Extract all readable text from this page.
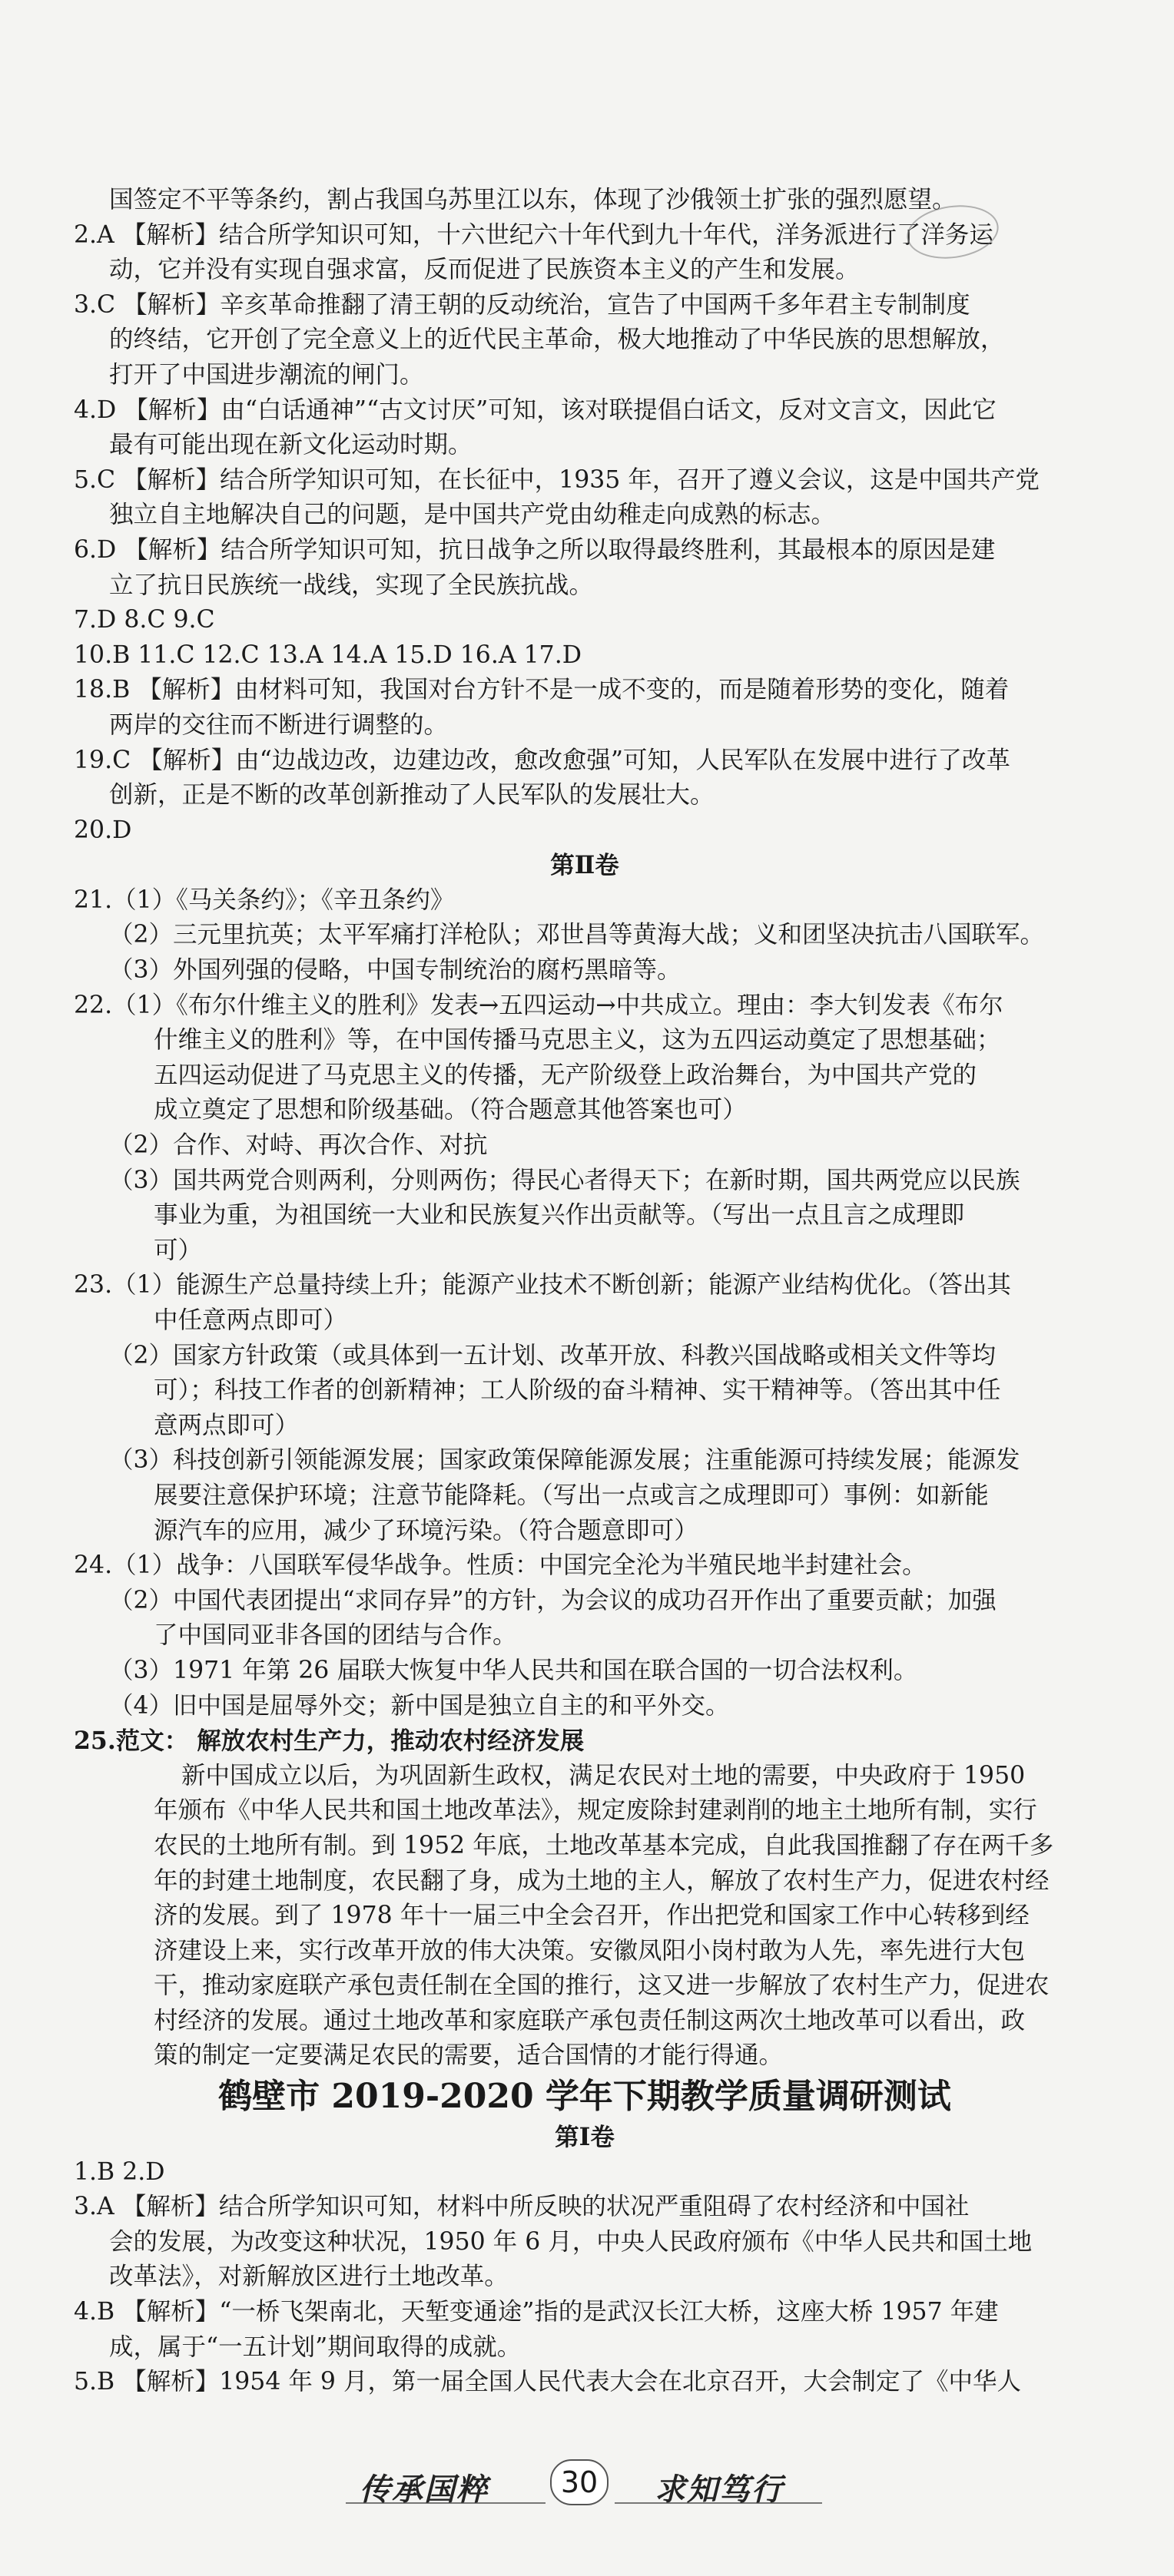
国签定不平等条约，割占我国乌苏里江以东，体现了沙俄领土扩张的强烈愿望。
2.A 【解析】结合所学知识可知，十六世纪六十年代到九十年代，洋务派进行了洋务运
动，它并没有实现自强求富，反而促进了民族资本主义的产生和发展。
3.C 【解析】辛亥革命推翻了清王朝的反动统治，宣告了中国两千多年君主专制制度
的终结，它开创了完全意义上的近代民主革命，极大地推动了中华民族的思想解放，
打开了中国进步潮流的闸门。
4.D 【解析】由“白话通神”“古文讨厌”可知，该对联提倡白话文，反对文言文，因此它
最有可能出现在新文化运动时期。
5.C 【解析】结合所学知识可知，在长征中，1935 年，召开了遵义会议，这是中国共产党
独立自主地解决自己的问题，是中国共产党由幼稚走向成熟的标志。
6.D 【解析】结合所学知识可知，抗日战争之所以取得最终胜利，其最根本的原因是建
立了抗日民族统一战线，实现了全民族抗战。
7.D 8.C 9.C
10.B 11.C 12.C 13.A 14.A 15.D 16.A 17.D
18.B 【解析】由材料可知，我国对台方针不是一成不变的，而是随着形势的变化，随着
两岸的交往而不断进行调整的。
19.C 【解析】由“边战边改，边建边改，愈改愈强”可知，人民军队在发展中进行了改革
创新，正是不断的改革创新推动了人民军队的发展壮大。
20.D
第Ⅱ卷
21.（1）《马关条约》；《辛丑条约》
（2）三元里抗英；太平军痛打洋枪队；邓世昌等黄海大战；义和团坚决抗击八国联军。
（3）外国列强的侵略，中国专制统治的腐朽黑暗等。
22.（1）《布尔什维主义的胜利》发表→五四运动→中共成立。理由：李大钊发表《布尔
什维主义的胜利》等，在中国传播马克思主义，这为五四运动奠定了思想基础；
五四运动促进了马克思主义的传播，无产阶级登上政治舞台，为中国共产党的
成立奠定了思想和阶级基础。（符合题意其他答案也可）
（2）合作、对峙、再次合作、对抗
（3）国共两党合则两利，分则两伤；得民心者得天下；在新时期，国共两党应以民族
事业为重，为祖国统一大业和民族复兴作出贡献等。（写出一点且言之成理即
可）
23.（1）能源生产总量持续上升；能源产业技术不断创新；能源产业结构优化。（答出其
中任意两点即可）
（2）国家方针政策（或具体到一五计划、改革开放、科教兴国战略或相关文件等均
可）；科技工作者的创新精神；工人阶级的奋斗精神、实干精神等。（答出其中任
意两点即可）
（3）科技创新引领能源发展；国家政策保障能源发展；注重能源可持续发展；能源发
展要注意保护环境；注意节能降耗。（写出一点或言之成理即可）事例：如新能
源汽车的应用，减少了环境污染。（符合题意即可）
24.（1）战争：八国联军侵华战争。性质：中国完全沦为半殖民地半封建社会。
（2）中国代表团提出“求同存异”的方针，为会议的成功召开作出了重要贡献；加强
了中国同亚非各国的团结与合作。
（3）1971 年第 26 届联大恢复中华人民共和国在联合国的一切合法权利。
（4）旧中国是屈辱外交；新中国是独立自主的和平外交。
25.范文： 解放农村生产力，推动农村经济发展
新中国成立以后，为巩固新生政权，满足农民对土地的需要，中央政府于 1950
年颁布《中华人民共和国土地改革法》，规定废除封建剥削的地主土地所有制，实行
农民的土地所有制。到 1952 年底，土地改革基本完成，自此我国推翻了存在两千多
年的封建土地制度，农民翻了身，成为土地的主人，解放了农村生产力，促进农村经
济的发展。到了 1978 年十一届三中全会召开，作出把党和国家工作中心转移到经
济建设上来，实行改革开放的伟大决策。安徽凤阳小岗村敢为人先，率先进行大包
干，推动家庭联产承包责任制在全国的推行，这又进一步解放了农村生产力，促进农
村经济的发展。通过土地改革和家庭联产承包责任制这两次土地改革可以看出，政
策的制定一定要满足农民的需要，适合国情的才能行得通。
鹤壁市 2019-2020 学年下期教学质量调研测试
第Ⅰ卷
1.B 2.D
3.A 【解析】结合所学知识可知，材料中所反映的状况严重阻碍了农村经济和中国社
会的发展，为改变这种状况，1950 年 6 月，中央人民政府颁布《中华人民共和国土地
改革法》，对新解放区进行土地改革。
4.B 【解析】“一桥飞架南北，天堑变通途”指的是武汉长江大桥，这座大桥 1957 年建
成，属于“一五计划”期间取得的成就。
5.B 【解析】1954 年 9 月，第一届全国人民代表大会在北京召开，大会制定了《中华人
传承国粹	30	求知笃行
